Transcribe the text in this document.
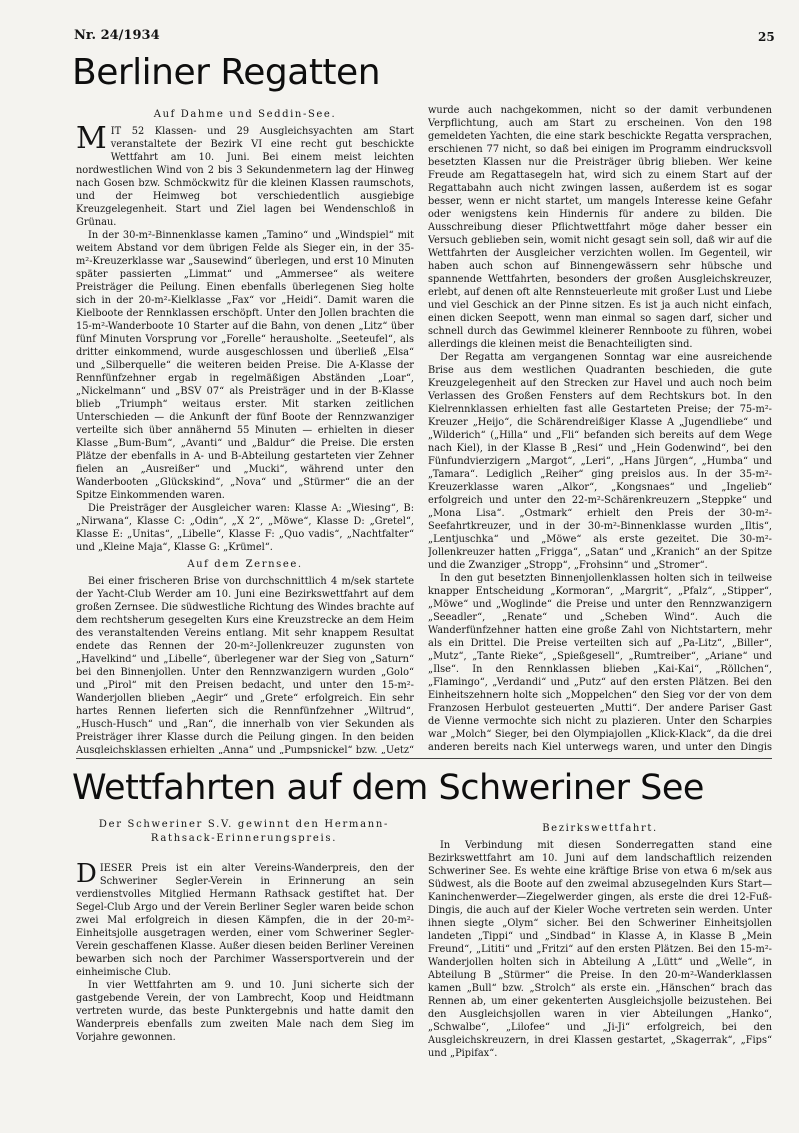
Nr. 24/1934	25
Berliner Regatten
Auf Dahme und Seddin-See.

MIT 52 Klassen- und 29 Ausgleichsyachten am Start veranstaltete der Bezirk VI eine recht gut beschickte Wettfahrt am 10. Juni. Bei einem meist leichten nordwestlichen Wind von 2 bis 3 Sekundenmetern lag der Hinweg nach Gosen bzw. Schmöckwitz für die kleinen Klassen raumschots, und der Heimweg bot verschiedentlich ausgiebige Kreuzgelegenheit. Start und Ziel lagen bei Wendenschloß in Grünau.

In der 30-m²-Binnenklasse kamen „Tamino“ und „Windspiel“ mit weitem Abstand vor dem übrigen Felde als Sieger ein, in der 35-m²-Kreuzerklasse war „Sausewind“ überlegen, und erst 10 Minuten später passierten „Limmat“ und „Ammersee“ als weitere Preisträger die Peilung. Einen ebenfalls überlegenen Sieg holte sich in der 20-m²-Kielklasse „Fax“ vor „Heidi“. Damit waren die Kielboote der Rennklassen erschöpft. Unter den Jollen brachten die 15-m²-Wanderboote 10 Starter auf die Bahn, von denen „Litz“ über fünf Minuten Vorsprung vor „Forelle“ herausholte. „Seeteufel“, als dritter einkommend, wurde ausgeschlossen und überließ „Elsa“ und „Silberquelle“ die weiteren beiden Preise. Die A-Klasse der Rennfünfzehner ergab in regelmäßigen Abständen „Loar“, „Nickelmann“ und „BSV 07“ als Preisträger und in der B-Klasse blieb „Triumph“ weitaus erster. Mit starken zeitlichen Unterschieden — die Ankunft der fünf Boote der Rennzwanziger verteilte sich über annähernd 55 Minuten — erhielten in dieser Klasse „Bum-Bum“, „Avanti“ und „Baldur“ die Preise. Die ersten Plätze der ebenfalls in A- und B-Abteilung gestarteten vier Zehner fielen an „Ausreißer“ und „Mucki“, während unter den Wanderbooten „Glückskind“, „Nova“ und „Stürmer“ die an der Spitze Einkommenden waren.

Die Preisträger der Ausgleicher waren: Klasse A: „Wiesing“, B: „Nirwana“, Klasse C: „Odin“, „X 2“, „Möwe“, Klasse D: „Gretel“, Klasse E: „Unitas“, „Libelle“, Klasse F: „Quo vadis“, „Nachtfalter“ und „Kleine Maja“, Klasse G: „Krümel“.

Auf dem Zernsee.

Bei einer frischeren Brise von durchschnittlich 4 m/sek startete der Yacht-Club Werder am 10. Juni eine Bezirkswettfahrt auf dem großen Zernsee. Die südwestliche Richtung des Windes brachte auf dem rechtsherum gesegelten Kurs eine Kreuzstrecke an dem Heim des veranstaltenden Vereins entlang. Mit sehr knappem Resultat endete das Rennen der 20-m²-Jollenkreuzer zugunsten von „Havelkind“ und „Libelle“, überlegener war der Sieg von „Saturn“ bei den Binnenjollen. Unter den Rennzwanzigern wurden „Golo“ und „Pirol“ mit den Preisen bedacht, und unter den 15-m²-Wanderjollen blieben „Aegir“ und „Grete“ erfolgreich. Ein sehr hartes Rennen lieferten sich die Rennfünfzehner „Wiltrud“, „Husch-Husch“ und „Ran“, die innerhalb von vier Sekunden als Preisträger ihrer Klasse durch die Peilung gingen. In den beiden Ausgleichsklassen erhielten „Anna“ und „Pumpsnickel“ bzw. „Uetz“

wurde auch nachgekommen, nicht so der damit verbundenen Verpflichtung, auch am Start zu erscheinen. Von den 198 gemeldeten Yachten, die eine stark beschickte Regatta versprachen, erschienen 77 nicht, so daß bei einigen im Programm eindrucksvoll besetzten Klassen nur die Preisträger übrig blieben. Wer keine Freude am Regattasegeln hat, wird sich zu einem Start auf der Regattabahn auch nicht zwingen lassen, außerdem ist es sogar besser, wenn er nicht startet, um mangels Interesse keine Gefahr oder wenigstens kein Hindernis für andere zu bilden. Die Ausschreibung dieser Pflichtwettfahrt möge daher besser ein Versuch geblieben sein, womit nicht gesagt sein soll, daß wir auf die Wettfahrten der Ausgleicher verzichten wollen. Im Gegenteil, wir haben auch schon auf Binnengewässern sehr hübsche und spannende Wettfahrten, besonders der großen Ausgleichskreuzer, erlebt, auf denen oft alte Rennsteuerleute mit großer Lust und Liebe und viel Geschick an der Pinne sitzen. Es ist ja auch nicht einfach, einen dicken Seepott, wenn man einmal so sagen darf, sicher und schnell durch das Gewimmel kleinerer Rennboote zu führen, wobei allerdings die kleinen meist die Benachteiligten sind.

Der Regatta am vergangenen Sonntag war eine ausreichende Brise aus dem westlichen Quadranten beschieden, die gute Kreuzgelegenheit auf den Strecken zur Havel und auch noch beim Verlassen des Großen Fensters auf dem Rechtskurs bot. In den Kielrennklassen erhielten fast alle Gestarteten Preise; der 75-m²-Kreuzer „Heijo“, die Schärendreißiger Klasse A „Jugendliebe“ und „Wilderich“ („Hilla“ und „Fli“ befanden sich bereits auf dem Wege nach Kiel), in der Klasse B „Resi“ und „Hein Godenwind“, bei den Fünfundvierzigern „Margot“, „Leri“, „Hans Jürgen“, „Humba“ und „Tamara“. Lediglich „Reiher“ ging preislos aus. In der 35-m²-Kreuzerklasse waren „Alkor“, „Kongsnaes“ und „Ingelieb“ erfolgreich und unter den 22-m²-Schärenkreuzern „Steppke“ und „Mona Lisa“. „Ostmark“ erhielt den Preis der 30-m²-Seefahrtkreuzer, und in der 30-m²-Binnenklasse wurden „Iltis“, „Lentjuschka“ und „Möwe“ als erste gezeitet. Die 30-m²-Jollenkreuzer hatten „Frigga“, „Satan“ und „Kranich“ an der Spitze und die Zwanziger „Stropp“, „Frohsinn“ und „Stromer“.

In den gut besetzten Binnenjollenklassen holten sich in teilweise knapper Entscheidung „Kormoran“, „Margrit“, „Pfalz“, „Stipper“, „Möwe“ und „Woglinde“ die Preise und unter den Rennzwanzigern „Seeadler“, „Renate“ und „Scheben Wind“. Auch die Wanderfünfzehner hatten eine große Zahl von Nichtstartern, mehr als ein Drittel. Die Preise verteilten sich auf „Pa-Litz“, „Biller“, „Mutz“, „Tante Rieke“, „Spießgesell“, „Rumtreiber“, „Ariane“ und „Ilse“. In den Rennklassen blieben „Kai-Kai“, „Röllchen“, „Flamingo“, „Verdandi“ und „Putz“ auf den ersten Plätzen. Bei den Einheitszehnern holte sich „Moppelchen“ den Sieg vor der von dem Franzosen Herbulot gesteuerten „Mutti“. Der andere Pariser Gast de Vienne vermochte sich nicht zu plazieren. Unter den Scharpies war „Molch“ Sieger, bei den Olympiajollen „Klick-Klack“, da die drei anderen bereits nach Kiel unterwegs waren, und unter den Dingis

Wettfahrten auf dem Schweriner See
Der Schweriner S.V. gewinnt den Hermann-Rathsack-Erinnerungspreis.

DIESER Preis ist ein alter Vereins-Wanderpreis, den der Schweriner Segler-Verein in Erinnerung an sein verdienstvolles Mitglied Hermann Rathsack gestiftet hat. Der Segel-Club Argo und der Verein Berliner Segler waren beide schon zwei Mal erfolgreich in diesen Kämpfen, die in der 20-m²-Einheitsjolle ausgetragen werden, einer vom Schweriner Segler-Verein geschaffenen Klasse. Außer diesen beiden Berliner Vereinen bewarben sich noch der Parchimer Wassersportverein und der einheimische Club.

In vier Wettfahrten am 9. und 10. Juni sicherte sich der gastgebende Verein, der von Lambrecht, Koop und Heidtmann vertreten wurde, das beste Punktergebnis und hatte damit den Wanderpreis ebenfalls zum zweiten Male nach dem Sieg im Vorjahre gewonnen.

Bezirkswettfahrt.

In Verbindung mit diesen Sonderregatten stand eine Bezirkswettfahrt am 10. Juni auf dem landschaftlich reizenden Schweriner See. Es wehte eine kräftige Brise von etwa 6 m/sek aus Südwest, als die Boote auf den zweimal abzusegelnden Kurs Start—Kaninchenwerder—Ziegelwerder gingen, als erste die drei 12-Fuß-Dingis, die auch auf der Kieler Woche vertreten sein werden. Unter ihnen siegte „Olym“ sicher. Bei den Schweriner Einheitsjollen landeten „Tippi“ und „Sindbad“ in Klasse A, in Klasse B „Mein Freund“, „Lititi“ und „Fritzi“ auf den ersten Plätzen. Bei den 15-m²-Wanderjollen holten sich in Abteilung A „Lütt“ und „Welle“, in Abteilung B „Stürmer“ die Preise. In den 20-m²-Wanderklassen kamen „Bull“ bzw. „Strolch“ als erste ein. „Hänschen“ brach das Rennen ab, um einer gekenterten Ausgleichsjolle beizustehen. Bei den Ausgleichsjollen waren in vier Abteilungen „Hanko“, „Schwalbe“, „Lilofee“ und „Ji-Ji“ erfolgreich, bei den Ausgleichskreuzern, in drei Klassen gestartet, „Skagerrak“, „Fips“ und „Pipifax“.
